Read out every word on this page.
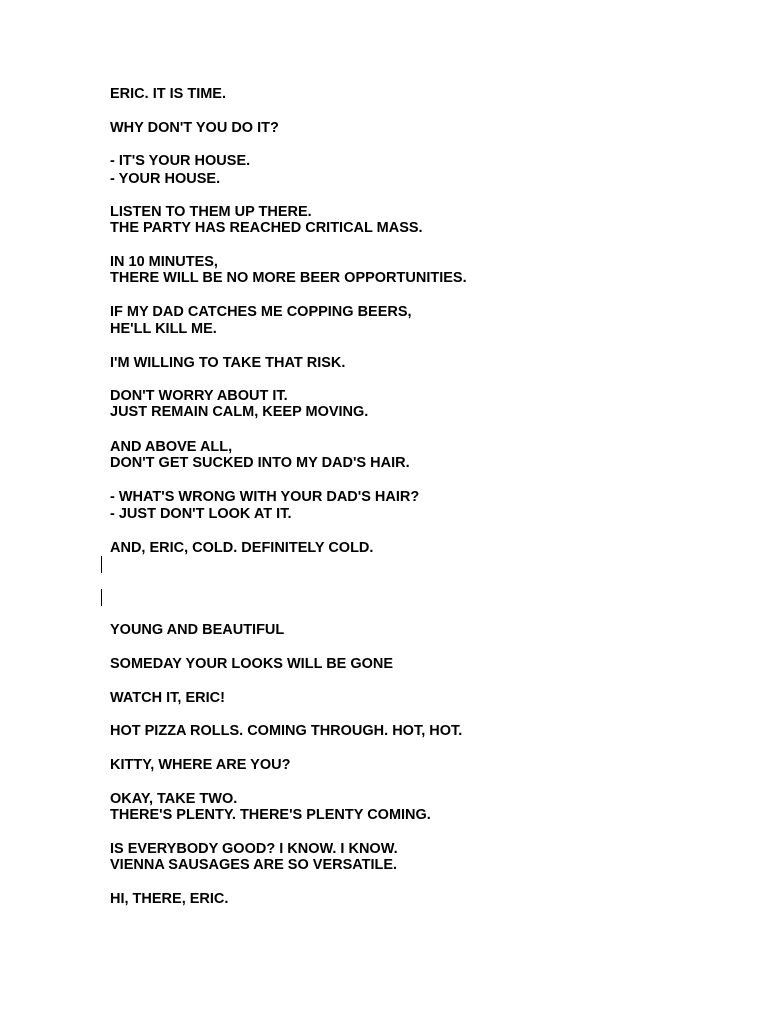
ERIC. IT IS TIME.
WHY DON'T YOU DO IT?
- IT'S YOUR HOUSE.
- YOUR HOUSE.
LISTEN TO THEM UP THERE.
THE PARTY HAS REACHED CRITICAL MASS.
IN 10 MINUTES,
THERE WILL BE NO MORE BEER OPPORTUNITIES.
IF MY DAD CATCHES ME COPPING BEERS,
HE'LL KILL ME.
I'M WILLING TO TAKE THAT RISK.
DON'T WORRY ABOUT IT.
JUST REMAIN CALM, KEEP MOVING.
AND ABOVE ALL,
DON'T GET SUCKED INTO MY DAD'S HAIR.
- WHAT'S WRONG WITH YOUR DAD'S HAIR?
- JUST DON'T LOOK AT IT.
AND, ERIC, COLD. DEFINITELY COLD.
YOUNG AND BEAUTIFUL
SOMEDAY YOUR LOOKS WILL BE GONE
WATCH IT, ERIC!
HOT PIZZA ROLLS. COMING THROUGH. HOT, HOT.
KITTY, WHERE ARE YOU?
OKAY, TAKE TWO.
THERE'S PLENTY. THERE'S PLENTY COMING.
IS EVERYBODY GOOD? I KNOW. I KNOW.
VIENNA SAUSAGES ARE SO VERSATILE.
HI, THERE, ERIC.
